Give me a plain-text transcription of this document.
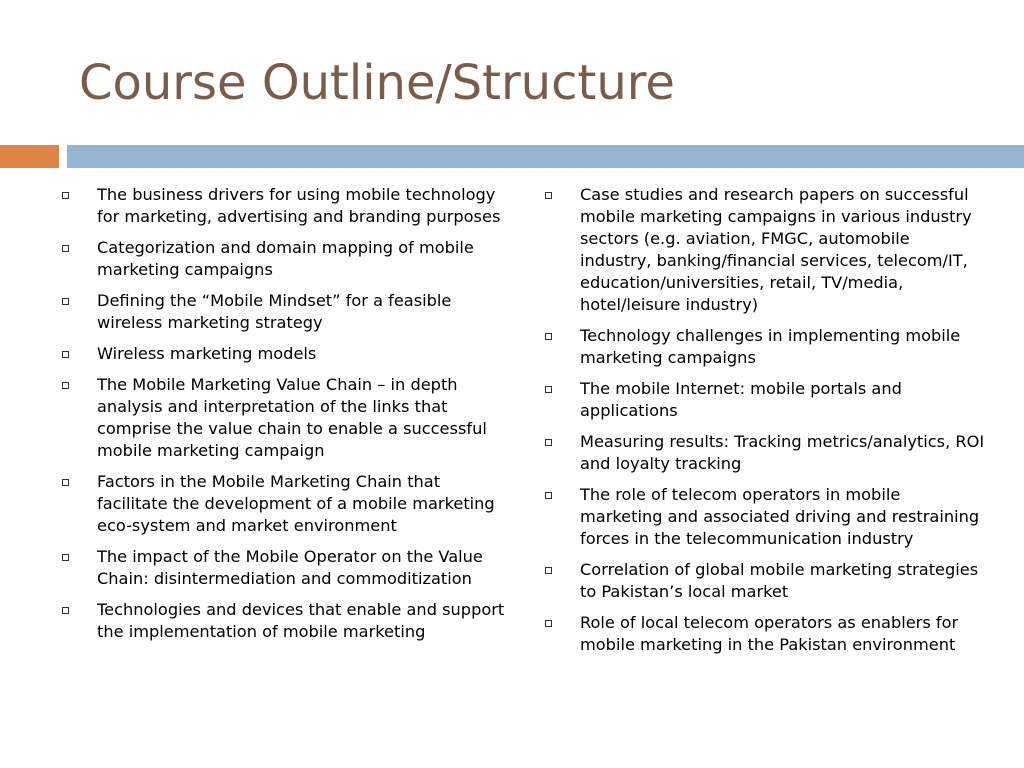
Course Outline/Structure
The business drivers for using mobile technology for marketing, advertising and branding purposes
Categorization and domain mapping of mobile marketing campaigns
Defining the “Mobile Mindset” for a feasible wireless marketing strategy
Wireless marketing models
The Mobile Marketing Value Chain – in depth analysis and interpretation of the links that comprise the value chain to enable a successful mobile marketing campaign
Factors in the Mobile Marketing Chain that facilitate the development of a mobile marketing eco-system and market environment
The impact of the Mobile Operator on the Value Chain: disintermediation and commoditization
Technologies and devices that enable and support the implementation of mobile marketing
Case studies and research papers on successful mobile marketing campaigns in various industry sectors (e.g. aviation, FMGC, automobile industry, banking/financial services, telecom/IT, education/universities, retail, TV/media, hotel/leisure industry)
Technology challenges in implementing mobile marketing campaigns
The mobile Internet: mobile portals and applications
Measuring results: Tracking metrics/analytics, ROI and loyalty tracking
The role of telecom operators in mobile marketing and associated driving and restraining forces in the telecommunication industry
Correlation of global mobile marketing strategies to Pakistan’s local market
Role of local telecom operators as enablers for mobile marketing in the Pakistan environment
